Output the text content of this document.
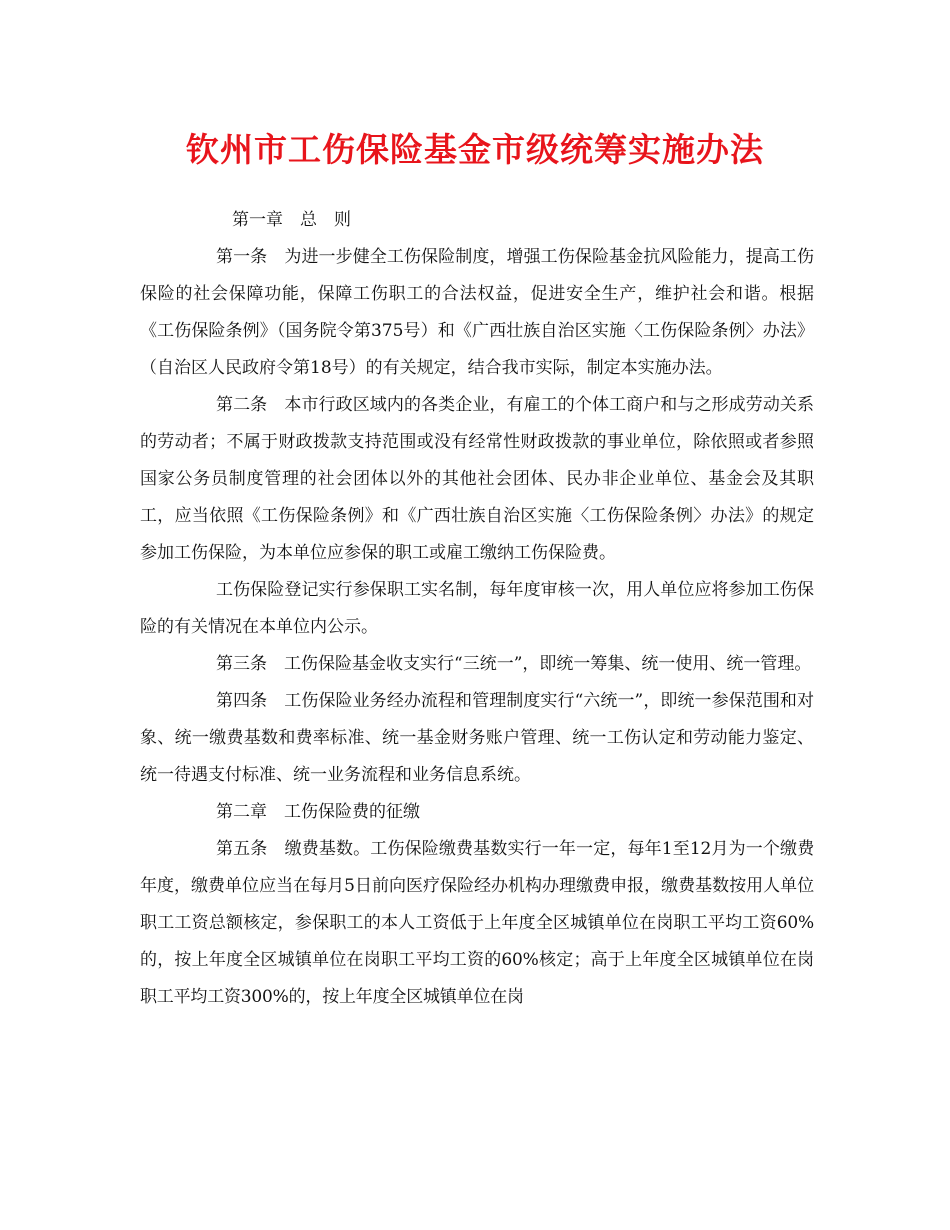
钦州市工伤保险基金市级统筹实施办法

第一章　总　则

第一条　为进一步健全工伤保险制度，增强工伤保险基金抗风险能力，提高工伤保险的社会保障功能，保障工伤职工的合法权益，促进安全生产，维护社会和谐。根据《工伤保险条例》（国务院令第375号）和《广西壮族自治区实施〈工伤保险条例〉办法》（自治区人民政府令第18号）的有关规定，结合我市实际，制定本实施办法。

第二条　本市行政区域内的各类企业，有雇工的个体工商户和与之形成劳动关系的劳动者；不属于财政拨款支持范围或没有经常性财政拨款的事业单位，除依照或者参照国家公务员制度管理的社会团体以外的其他社会团体、民办非企业单位、基金会及其职工，应当依照《工伤保险条例》和《广西壮族自治区实施〈工伤保险条例〉办法》的规定参加工伤保险，为本单位应参保的职工或雇工缴纳工伤保险费。

工伤保险登记实行参保职工实名制，每年度审核一次，用人单位应将参加工伤保险的有关情况在本单位内公示。

第三条　工伤保险基金收支实行“三统一”，即统一筹集、统一使用、统一管理。

第四条　工伤保险业务经办流程和管理制度实行“六统一”，即统一参保范围和对象、统一缴费基数和费率标准、统一基金财务账户管理、统一工伤认定和劳动能力鉴定、统一待遇支付标准、统一业务流程和业务信息系统。

第二章　工伤保险费的征缴

第五条　缴费基数。工伤保险缴费基数实行一年一定，每年1至12月为一个缴费年度，缴费单位应当在每月5日前向医疗保险经办机构办理缴费申报，缴费基数按用人单位职工工资总额核定，参保职工的本人工资低于上年度全区城镇单位在岗职工平均工资60%的，按上年度全区城镇单位在岗职工平均工资的60%核定；高于上年度全区城镇单位在岗职工平均工资300%的，按上年度全区城镇单位在岗
